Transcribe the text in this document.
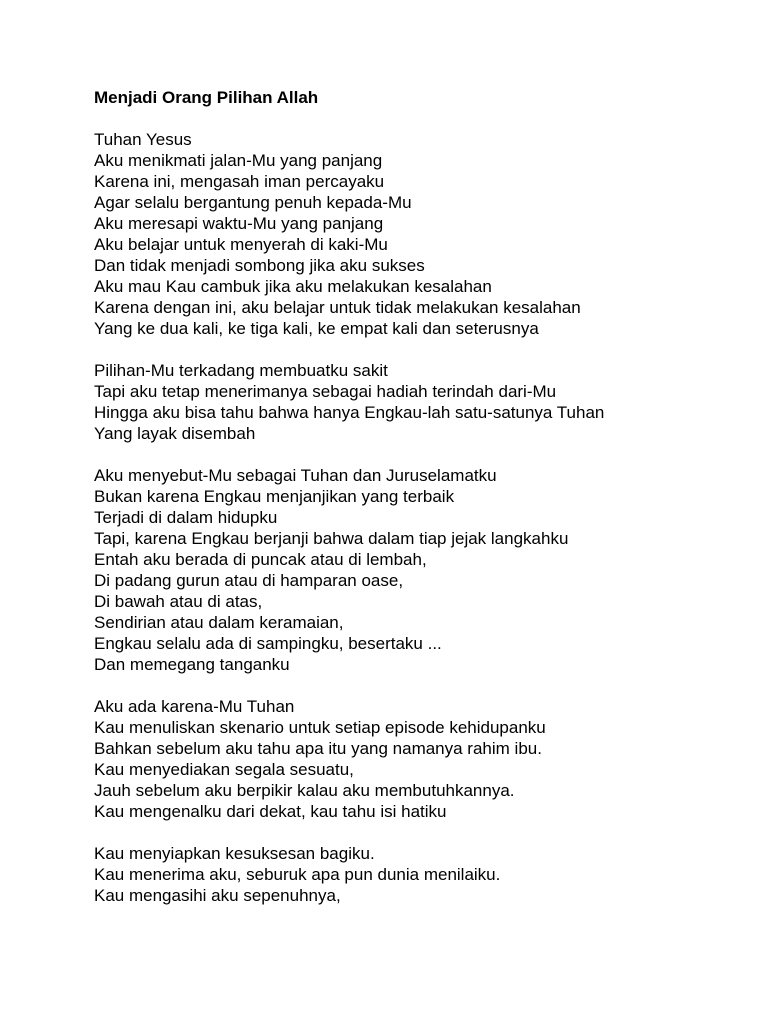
Menjadi Orang Pilihan Allah
Tuhan Yesus
Aku menikmati jalan-Mu yang panjang
Karena ini, mengasah iman percayaku
Agar selalu bergantung penuh kepada-Mu
Aku meresapi waktu-Mu yang panjang
Aku belajar untuk menyerah di kaki-Mu
Dan tidak menjadi sombong jika aku sukses
Aku mau Kau cambuk jika aku melakukan kesalahan
Karena dengan ini, aku belajar untuk tidak melakukan kesalahan
Yang ke dua kali, ke tiga kali, ke empat kali dan seterusnya
Pilihan-Mu terkadang membuatku sakit
Tapi aku tetap menerimanya sebagai hadiah terindah dari-Mu
Hingga aku bisa tahu bahwa hanya Engkau-lah satu-satunya Tuhan
Yang layak disembah
Aku menyebut-Mu sebagai Tuhan dan Juruselamatku
Bukan karena Engkau menjanjikan yang terbaik
Terjadi di dalam hidupku
Tapi, karena Engkau berjanji bahwa dalam tiap jejak langkahku
Entah aku berada di puncak atau di lembah,
Di padang gurun atau di hamparan oase,
Di bawah atau di atas,
Sendirian atau dalam keramaian,
Engkau selalu ada di sampingku, besertaku ...
Dan memegang tanganku
Aku ada karena-Mu Tuhan
Kau menuliskan skenario untuk setiap episode kehidupanku
Bahkan sebelum aku tahu apa itu yang namanya rahim ibu.
Kau menyediakan segala sesuatu,
Jauh sebelum aku berpikir kalau aku membutuhkannya.
Kau mengenalku dari dekat, kau tahu isi hatiku
Kau menyiapkan kesuksesan bagiku.
Kau menerima aku, seburuk apa pun dunia menilaiku.
Kau mengasihi aku sepenuhnya,
